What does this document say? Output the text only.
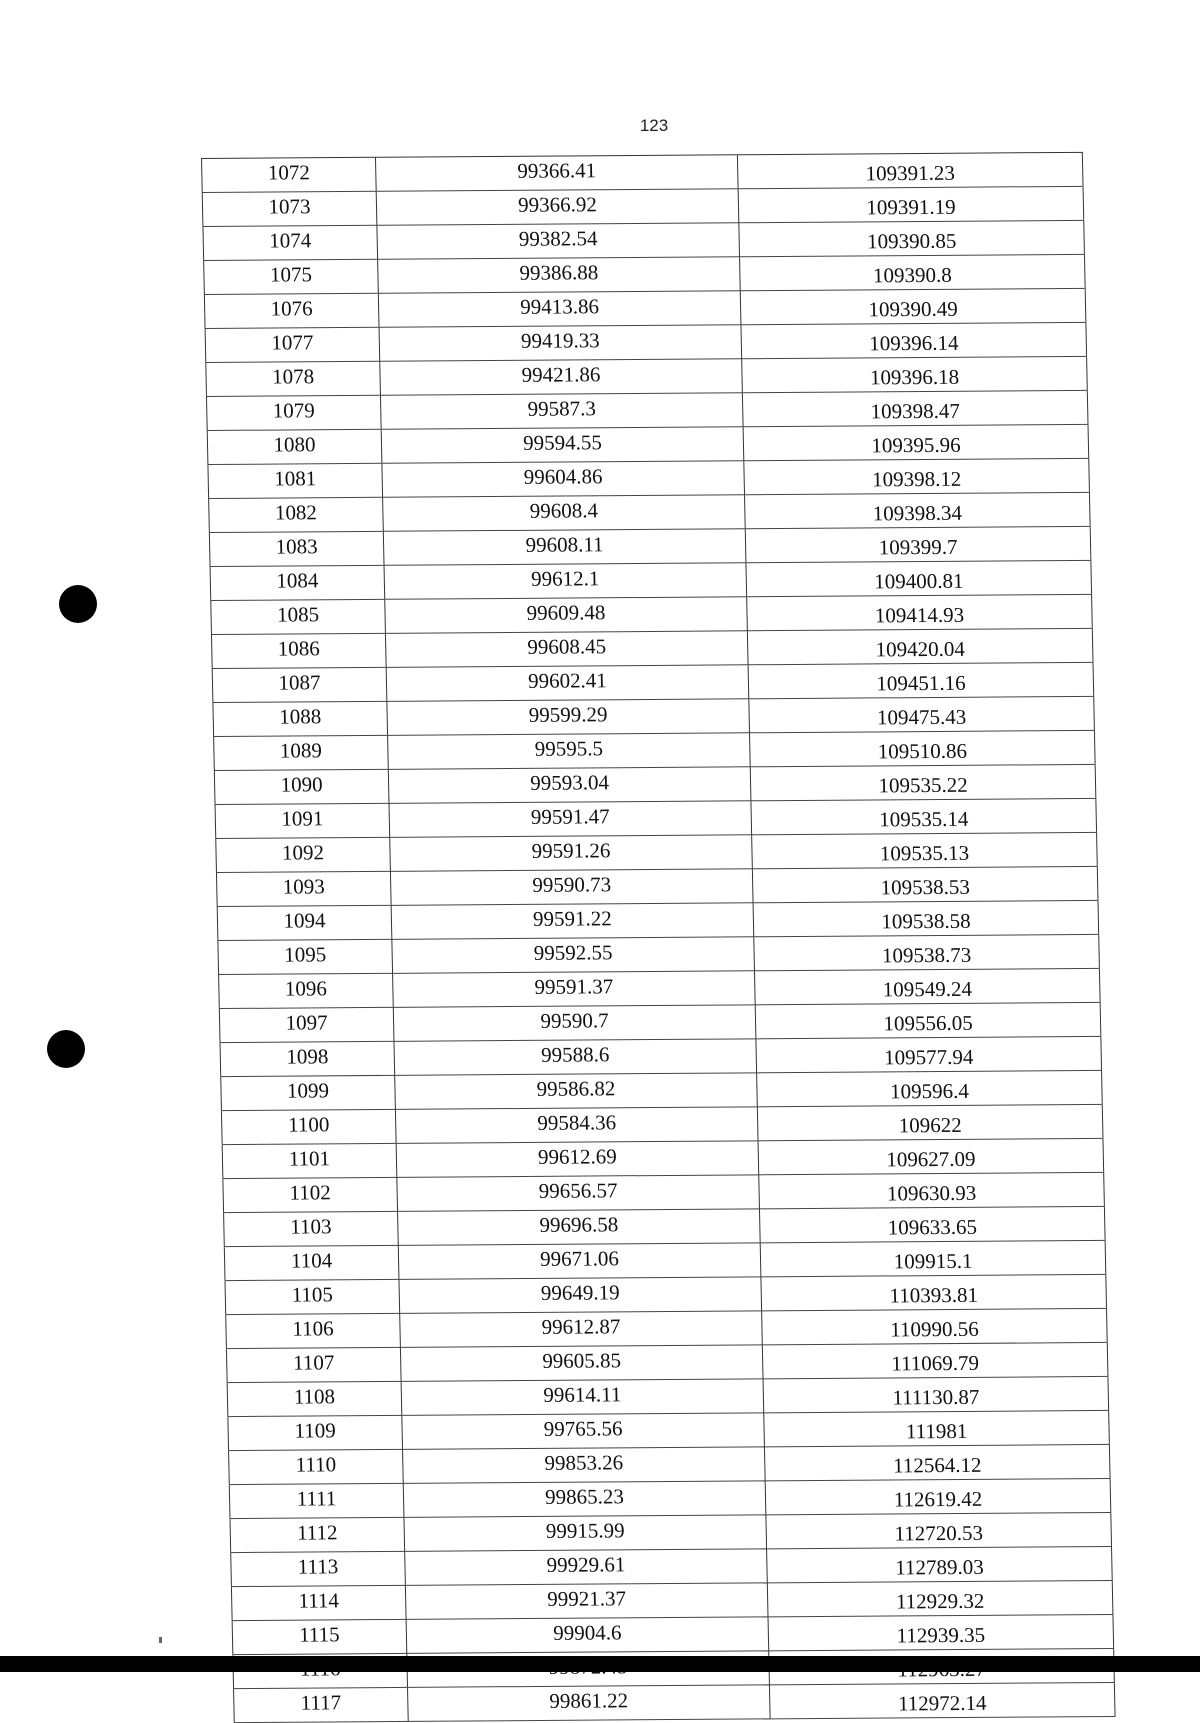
123
1072	99366.41	109391.23
1073	99366.92	109391.19
1074	99382.54	109390.85
1075	99386.88	109390.8
1076	99413.86	109390.49
1077	99419.33	109396.14
1078	99421.86	109396.18
1079	99587.3	109398.47
1080	99594.55	109395.96
1081	99604.86	109398.12
1082	99608.4	109398.34
1083	99608.11	109399.7
1084	99612.1	109400.81
1085	99609.48	109414.93
1086	99608.45	109420.04
1087	99602.41	109451.16
1088	99599.29	109475.43
1089	99595.5	109510.86
1090	99593.04	109535.22
1091	99591.47	109535.14
1092	99591.26	109535.13
1093	99590.73	109538.53
1094	99591.22	109538.58
1095	99592.55	109538.73
1096	99591.37	109549.24
1097	99590.7	109556.05
1098	99588.6	109577.94
1099	99586.82	109596.4
1100	99584.36	109622
1101	99612.69	109627.09
1102	99656.57	109630.93
1103	99696.58	109633.65
1104	99671.06	109915.1
1105	99649.19	110393.81
1106	99612.87	110990.56
1107	99605.85	111069.79
1108	99614.11	111130.87
1109	99765.56	111981
1110	99853.26	112564.12
1111	99865.23	112619.42
1112	99915.99	112720.53
1113	99929.61	112789.03
1114	99921.37	112929.32
1115	99904.6	112939.35

1117	99861.22	112972.14
